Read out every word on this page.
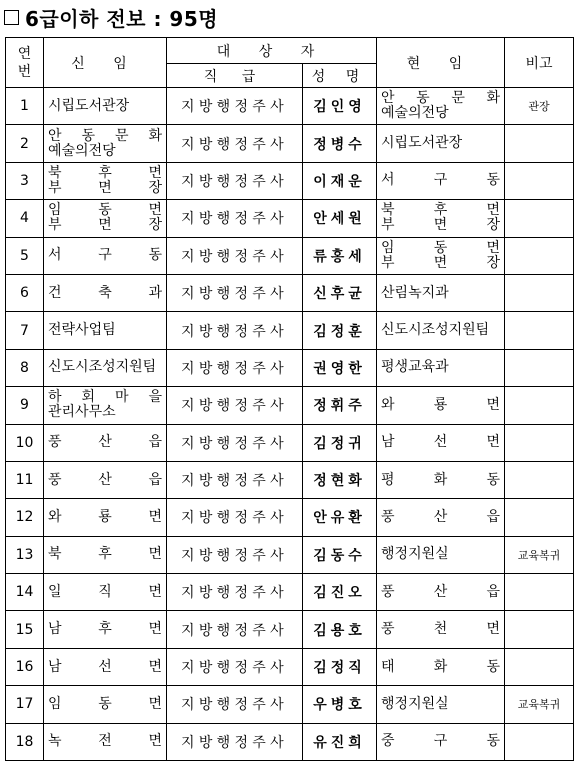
6급이하 전보 : 95명
연
번	신 임	대 상 자		현 임	비고
		직 급	성 명		
1	시립도서관장	지방행정주사	김인영	안 동 문 화
예술의전당	관장
2	안 동 문 화
예술의전당	지방행정주사	정병수	시립도서관장	

3	북 후 면
부 면 장	지방행정주사	이재운	서 구 동	

4	임 동 면
부 면 장	지방행정주사	안세원	북 후 면
부 면 장	

5	서 구 동	지방행정주사	류홍세	임 동 면
부 면 장	

6	건 축 과	지방행정주사	신후균	산림녹지과	

7	전략사업팀	지방행정주사	김정훈	신도시조성지원팀	

8	신도시조성지원팀	지방행정주사	권영한	평생교육과	

9	하 회 마 을
관리사무소	지방행정주사	정휘주	와 룡 면	

10	풍 산 읍	지방행정주사	김정귀	남 선 면	

11	풍 산 읍	지방행정주사	정현화	평 화 동	

12	와 룡 면	지방행정주사	안유환	풍 산 읍	

13	북 후 면	지방행정주사	김동수	행정지원실	교육복귀
14	일 직 면	지방행정주사	김진오	풍 산 읍	

15	남 후 면	지방행정주사	김용호	풍 천 면	

16	남 선 면	지방행정주사	김정직	태 화 동	

17	임 동 면	지방행정주사	우병호	행정지원실	교육복귀
18	녹 전 면	지방행정주사	유진희	중 구 동	
